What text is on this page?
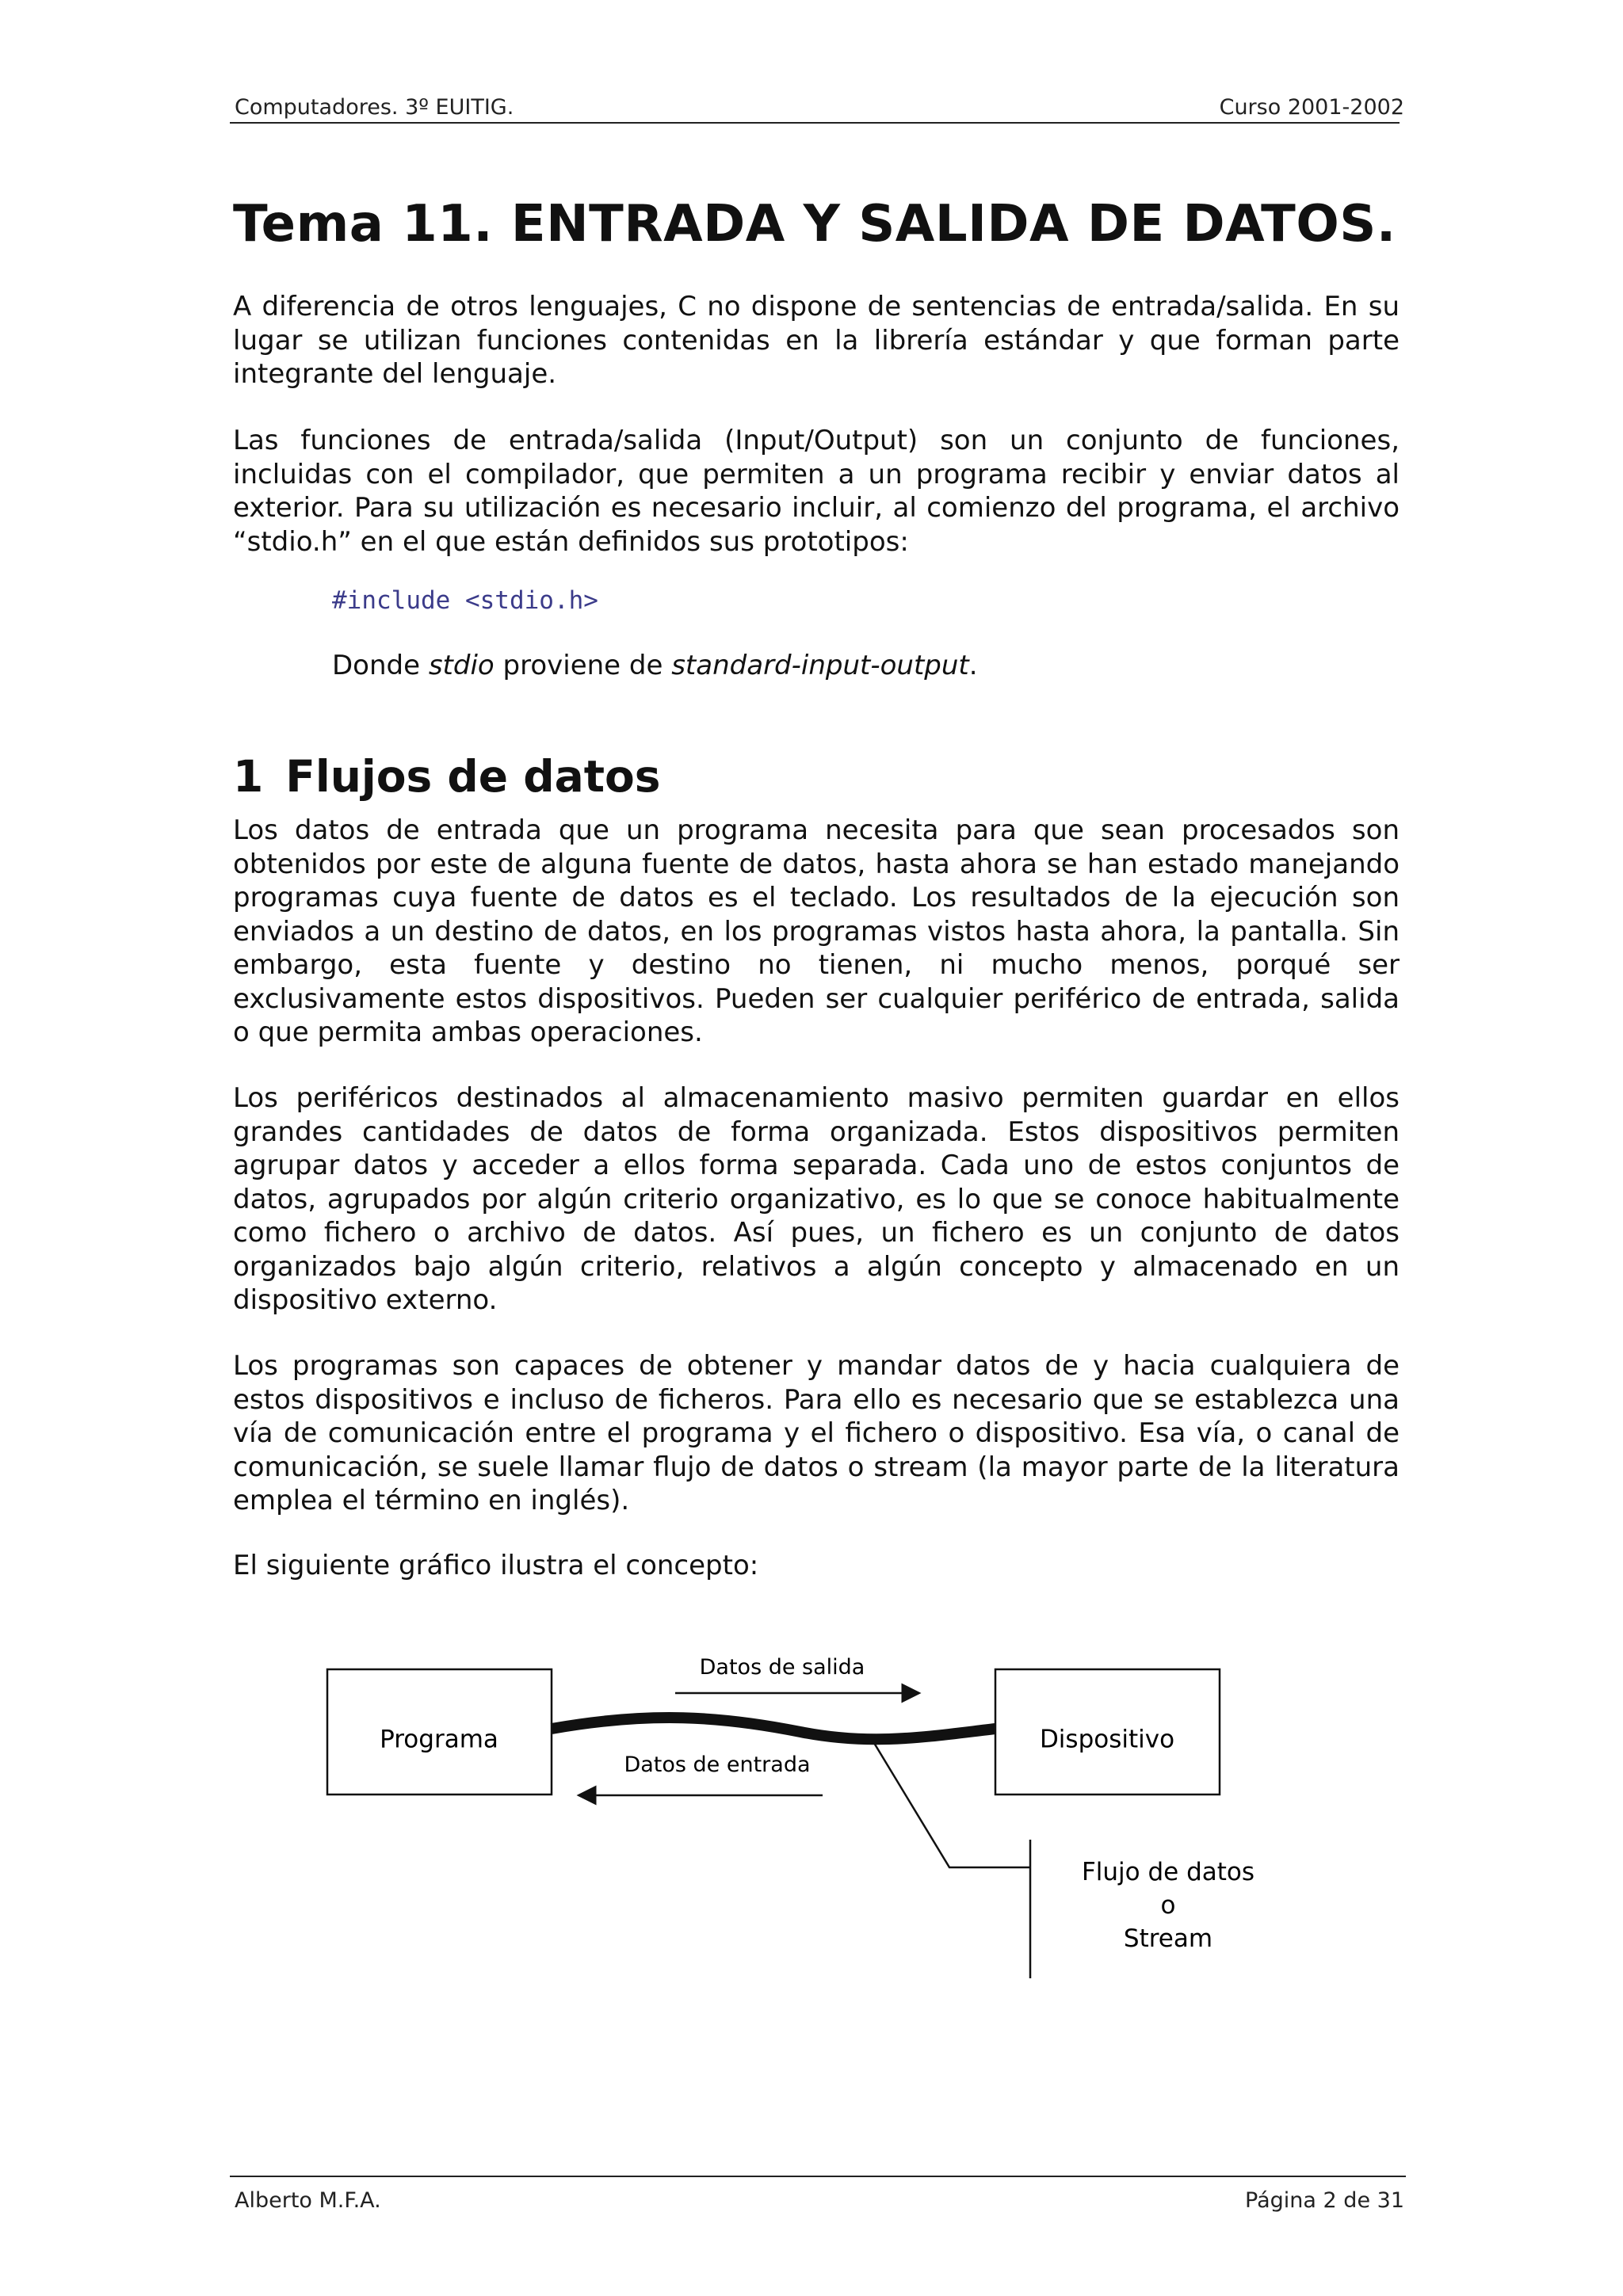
Computadores. 3º EUITIG.	Curso 2001-2002
Tema 11. ENTRADA Y SALIDA DE DATOS.
A diferencia de otros lenguajes, C no dispone de sentencias de entrada/salida. En su lugar se utilizan funciones contenidas en la librería estándar y que forman parte integrante del lenguaje.
Las funciones de entrada/salida (Input/Output) son un conjunto de funciones, incluidas con el compilador, que permiten a un programa recibir y enviar datos al exterior. Para su utilización es necesario incluir, al comienzo del programa, el archivo “stdio.h” en el que están definidos sus prototipos:
#include <stdio.h>
Donde stdio proviene de standard-input-output.
1 Flujos de datos
Los datos de entrada que un programa necesita para que sean procesados son obtenidos por este de alguna fuente de datos, hasta ahora se han estado manejando programas cuya fuente de datos es el teclado. Los resultados de la ejecución son enviados a un destino de datos, en los programas vistos hasta ahora, la pantalla. Sin embargo, esta fuente y destino no tienen, ni mucho menos, porqué ser exclusivamente estos dispositivos. Pueden ser cualquier periférico de entrada, salida o que permita ambas operaciones.
Los periféricos destinados al almacenamiento masivo permiten guardar en ellos grandes cantidades de datos de forma organizada. Estos dispositivos permiten agrupar datos y acceder a ellos forma separada. Cada uno de estos conjuntos de datos, agrupados por algún criterio organizativo, es lo que se conoce habitualmente como fichero o archivo de datos. Así pues, un fichero es un conjunto de datos organizados bajo algún criterio, relativos a algún concepto y almacenado en un dispositivo externo.
Los programas son capaces de obtener y mandar datos de y hacia cualquiera de estos dispositivos e incluso de ficheros. Para ello es necesario que se establezca una vía de comunicación entre el programa y el fichero o dispositivo. Esa vía, o canal de comunicación, se suele llamar flujo de datos o stream (la mayor parte de la literatura emplea el término en inglés).
El siguiente gráfico ilustra el concepto:
Programa	Dispositivo
Datos de salida
Datos de entrada
Flujo de datos
o
Stream
Alberto M.F.A.	Página 2 de 31
